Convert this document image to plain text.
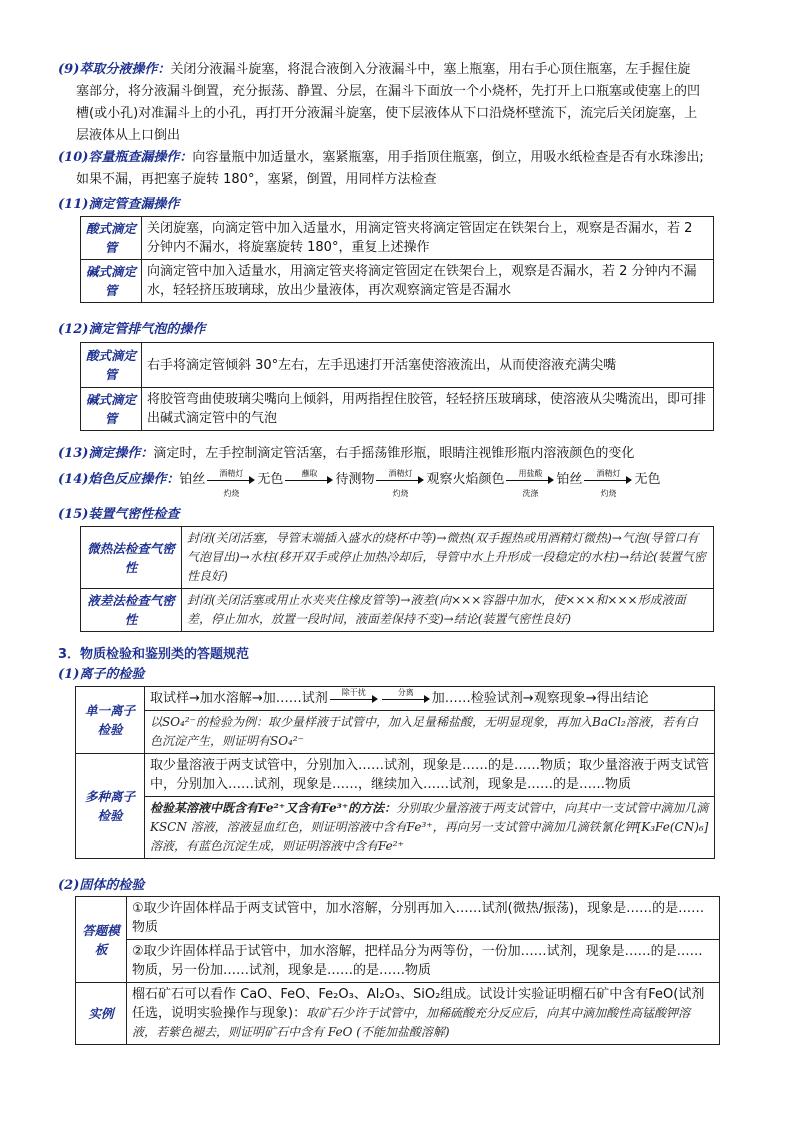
(9)萃取分液操作：关闭分液漏斗旋塞，将混合液倒入分液漏斗中，塞上瓶塞，用右手心顶住瓶塞，左手握住旋
塞部分，将分液漏斗倒置，充分振荡、静置、分层，在漏斗下面放一个小烧杯，先打开上口瓶塞或使塞上的凹
槽(或小孔)对准漏斗上的小孔，再打开分液漏斗旋塞，使下层液体从下口沿烧杯壁流下，流完后关闭旋塞，上
层液体从上口倒出
(10)容量瓶查漏操作：向容量瓶中加适量水，塞紧瓶塞，用手指顶住瓶塞，倒立，用吸水纸检查是否有水珠渗出;
如果不漏，再把塞子旋转 180°，塞紧，倒置，用同样方法检查
(11)滴定管查漏操作
酸式滴定管	关闭旋塞，向滴定管中加入适量水，用滴定管夹将滴定管固定在铁架台上，观察是否漏水，若 2 分钟内不漏水，将旋塞旋转 180°，重复上述操作
碱式滴定管	向滴定管中加入适量水，用滴定管夹将滴定管固定在铁架台上，观察是否漏水，若 2 分钟内不漏水，轻轻挤压玻璃球，放出少量液体，再次观察滴定管是否漏水
(12)滴定管排气泡的操作
酸式滴定管	右手将滴定管倾斜 30°左右，左手迅速打开活塞使溶液流出，从而使溶液充满尖嘴
碱式滴定管	将胶管弯曲使玻璃尖嘴向上倾斜，用两指捏住胶管，轻轻挤压玻璃球，使溶液从尖嘴流出，即可排出碱式滴定管中的气泡
(13)滴定操作：滴定时，左手控制滴定管活塞，右手摇荡锥形瓶，眼睛注视锥形瓶内溶液颜色的变化
(14)焰色反应操作：铂丝	酒精灯
灼烧
无色	蘸取	待测物	酒精灯
灼烧
观察火焰颜色	用盐酸
洗涤
铂丝	酒精灯
灼烧
无色
(15)装置气密性检查
微热法检查气密性	封闭(关闭活塞，导管末端插入盛水的烧杯中等)→微热(双手握热或用酒精灯微热)→气泡(导管口有气泡冒出)→水柱(移开双手或停止加热冷却后，导管中水上升形成一段稳定的水柱)→结论(装置气密性良好)
液差法检查气密性	封闭(关闭活塞或用止水夹夹住橡皮管等)→液差(向×××容器中加水，使×××和×××形成液面差，停止加水，放置一段时间，液面差保持不变)→结论(装置气密性良好)
3．物质检验和鉴别类的答题规范
(1)离子的检验
单一离子检验	取试样→加水溶解→加……试剂 除干扰 分离 加……检验试剂→观察现象→得出结论
	以SO₄²⁻的检验为例：取少量样液于试管中，加入足量稀盐酸，无明显现象，再加入BaCl₂溶液，若有白色沉淀产生，则证明有SO₄²⁻
多种离子检验	取少量溶液于两支试管中，分别加入……试剂，现象是……的是……物质；取少量溶液于两支试管中，分别加入……试剂，现象是……，继续加入……试剂，现象是……的是……物质
	检验某溶液中既含有Fe²⁺又含有Fe³⁺的方法：分别取少量溶液于两支试管中，向其中一支试管中滴加几滴 KSCN 溶液，溶液显血红色，则证明溶液中含有Fe³⁺，再向另一支试管中滴加几滴铁氰化钾[K₃Fe(CN)₆]溶液，有蓝色沉淀生成，则证明溶液中含有Fe²⁺
(2)固体的检验
答题模板	①取少许固体样品于两支试管中，加水溶解，分别再加入……试剂(微热/振荡)，现象是……的是……物质
	②取少许固体样品于试管中，加水溶解，把样品分为两等份，一份加……试剂，现象是……的是……物质，另一份加……试剂，现象是……的是……物质
实例	榴石矿石可以看作 CaO、FeO、Fe₂O₃、Al₂O₃、SiO₂组成。试设计实验证明榴石矿中含有FeO(试剂任选，说明实验操作与现象)：取矿石少许于试管中，加稀硫酸充分反应后，向其中滴加酸性高锰酸钾溶液，若紫色褪去，则证明矿石中含有 FeO (不能加盐酸溶解)
